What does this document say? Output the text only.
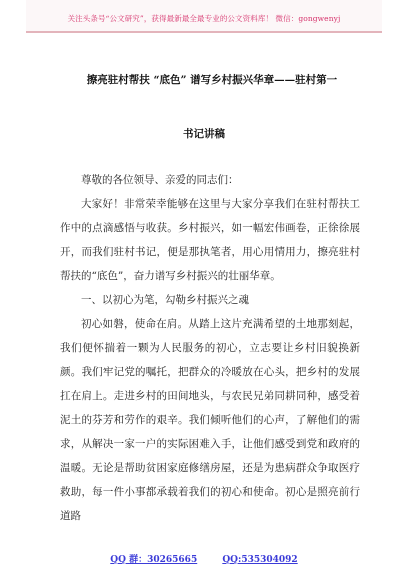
关注头条号“公文研究”，获得最新最全最专业的公文资料库！ 微信：gongwenyj
擦亮驻村帮扶 “底色” 谱写乡村振兴华章——驻村第一
书记讲稿

尊敬的各位领导、亲爱的同志们：

大家好！非常荣幸能够在这里与大家分享我们在驻村帮扶工作中的点滴感悟与收获。乡村振兴，如一幅宏伟画卷，正徐徐展开，而我们驻村书记，便是那执笔者，用心用情用力，擦亮驻村帮扶的“底色”，奋力谱写乡村振兴的壮丽华章。

一、以初心为笔，勾勒乡村振兴之魂

初心如磐，使命在肩。从踏上这片充满希望的土地那刻起，我们便怀揣着一颗为人民服务的初心，立志要让乡村旧貌换新颜。我们牢记党的嘱托，把群众的冷暖放在心头，把乡村的发展扛在肩上。走进乡村的田间地头，与农民兄弟同耕同种，感受着泥土的芬芳和劳作的艰辛。我们倾听他们的心声，了解他们的需求，从解决一家一户的实际困难入手，让他们感受到党和政府的温暖。无论是帮助贫困家庭修缮房屋，还是为患病群众争取医疗救助，每一件小事都承载着我们的初心和使命。初心是照亮前行道路

QQ 群：30265665	QQ:535304092
